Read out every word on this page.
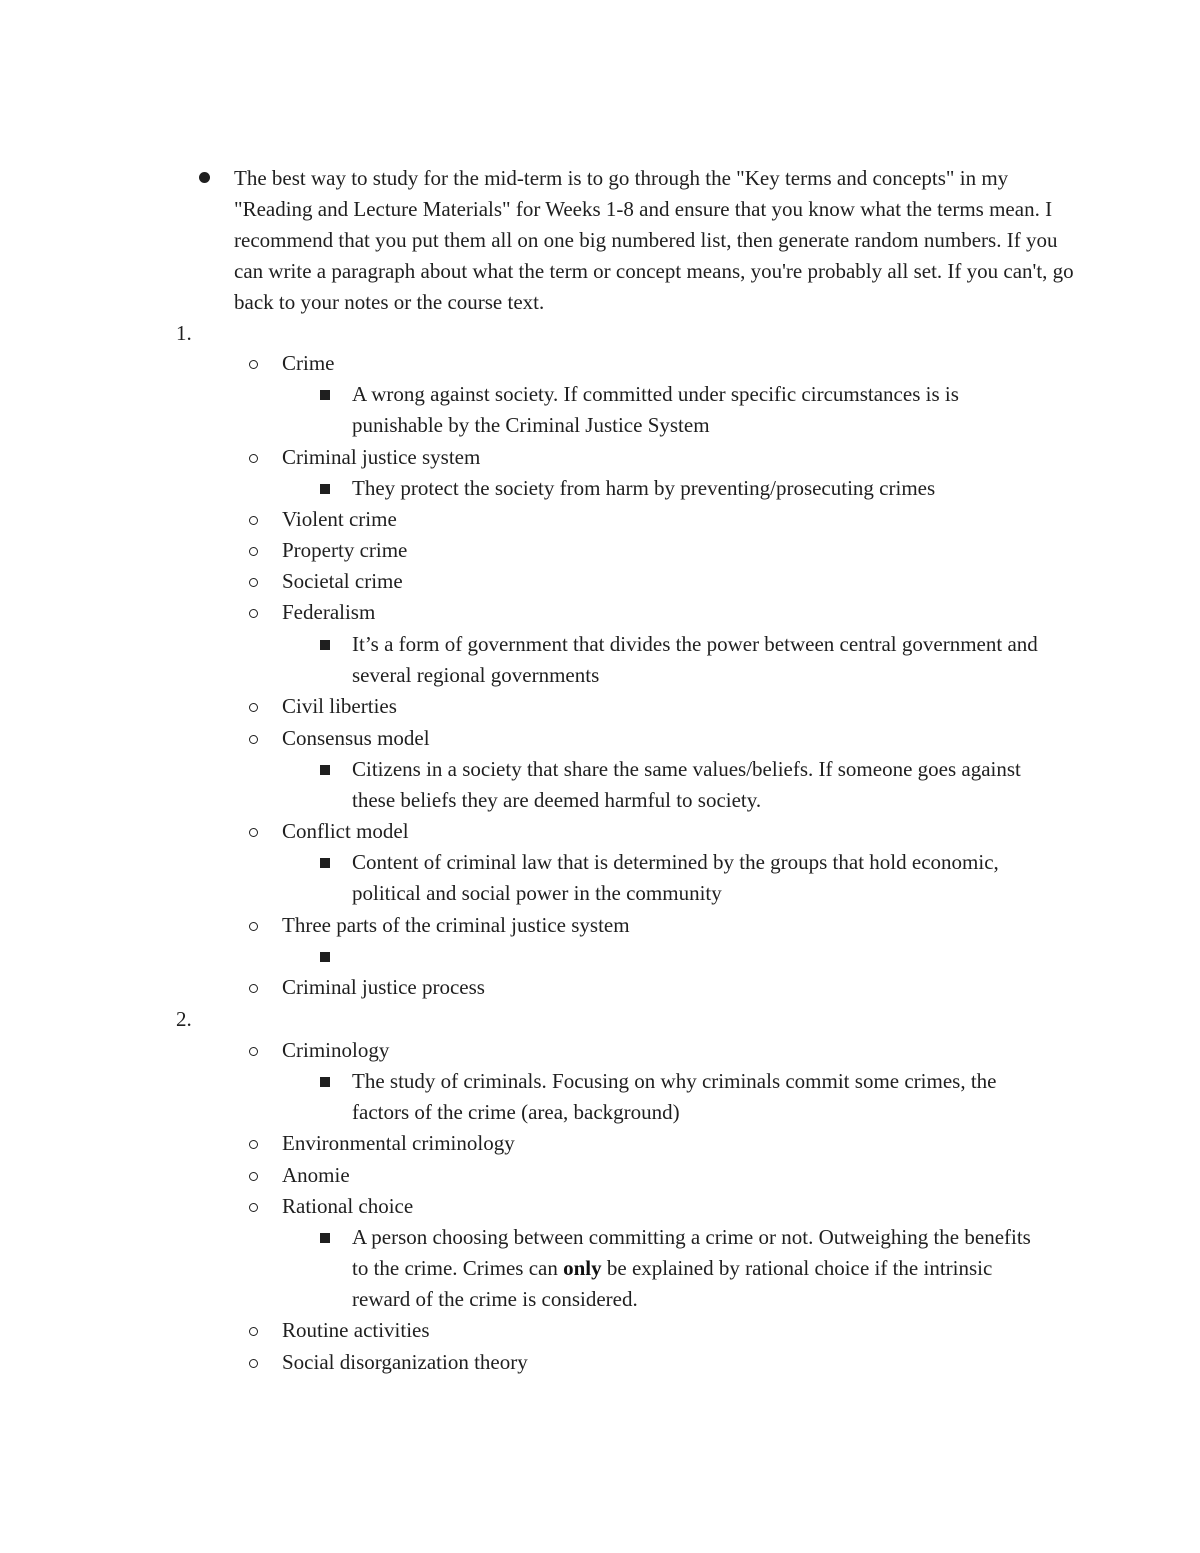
The best way to study for the mid-term is to go through the "Key terms and concepts" in my "Reading and Lecture Materials" for Weeks 1-8 and ensure that you know what the terms mean. I recommend that you put them all on one big numbered list, then generate random numbers. If you can write a paragraph about what the term or concept means, you're probably all set. If you can't, go back to your notes or the course text.

1.
Crime
A wrong against society. If committed under specific circumstances is is punishable by the Criminal Justice System
Criminal justice system
They protect the society from harm by preventing/prosecuting crimes
Violent crime
Property crime
Societal crime
Federalism
It’s a form of government that divides the power between central government and several regional governments
Civil liberties
Consensus model
Citizens in a society that share the same values/beliefs. If someone goes against these beliefs they are deemed harmful to society.
Conflict model
Content of criminal law that is determined by the groups that hold economic, political and social power in the community
Three parts of the criminal justice system
Criminal justice process
2.
Criminology
The study of criminals. Focusing on why criminals commit some crimes, the factors of the crime (area, background)
Environmental criminology
Anomie
Rational choice
A person choosing between committing a crime or not. Outweighing the benefits to the crime. Crimes can only be explained by rational choice if the intrinsic reward of the crime is considered.
Routine activities
Social disorganization theory
